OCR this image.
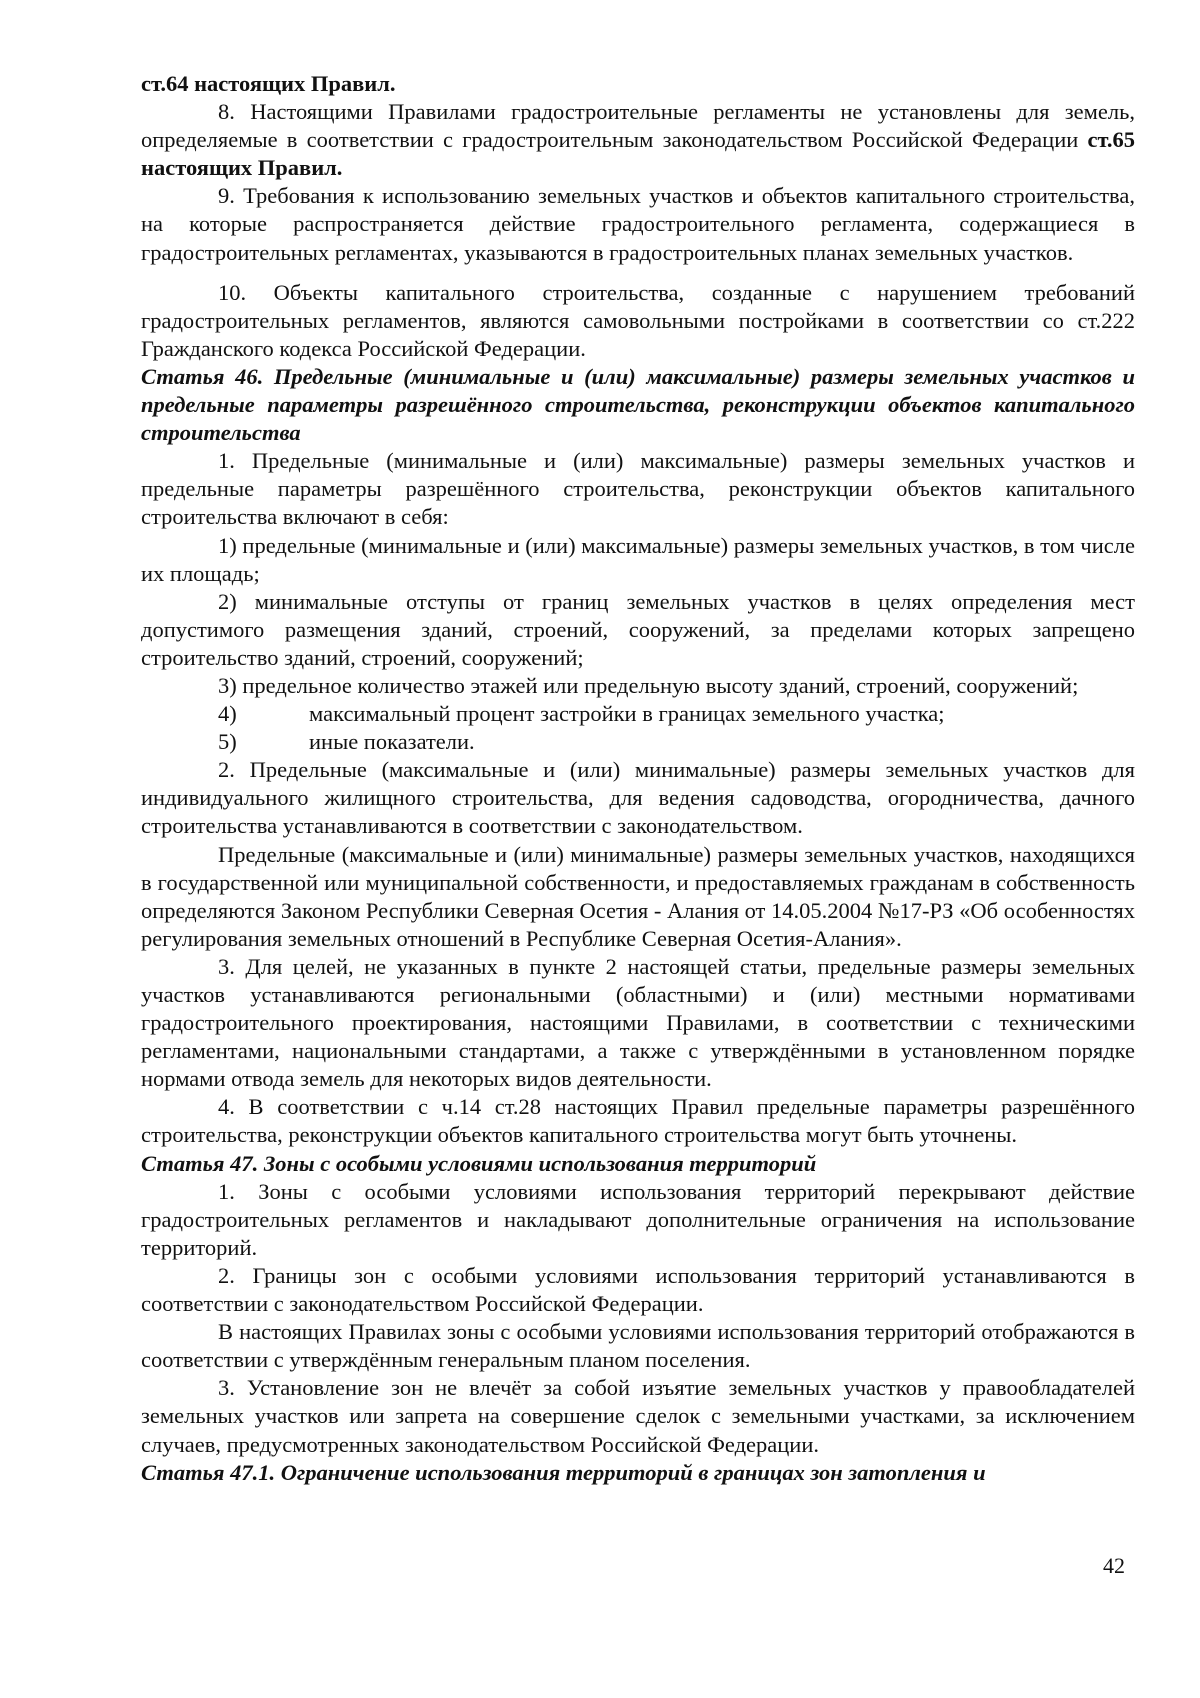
ст.64 настоящих Правил.

8. Настоящими Правилами градостроительные регламенты не установлены для земель, определяемые в соответствии с градостроительным законодательством Российской Федерации ст.65 настоящих Правил.

9. Требования к использованию земельных участков и объектов капитального строительства, на которые распространяется действие градостроительного регламента, содержащиеся в градостроительных регламентах, указываются в градостроительных планах земельных участков.

10. Объекты капитального строительства, созданные с нарушением требований градостроительных регламентов, являются самовольными постройками в соответствии со ст.222 Гражданского кодекса Российской Федерации.

Статья 46. Предельные (минимальные и (или) максимальные) размеры земельных участков и предельные параметры разрешённого строительства, реконструкции объектов капитального строительства

1. Предельные (минимальные и (или) максимальные) размеры земельных участков и предельные параметры разрешённого строительства, реконструкции объектов капитального строительства включают в себя:

1) предельные (минимальные и (или) максимальные) размеры земельных участков, в том числе их площадь;

2) минимальные отступы от границ земельных участков в целях определения мест допустимого размещения зданий, строений, сооружений, за пределами которых запрещено строительство зданий, строений, сооружений;

3) предельное количество этажей или предельную высоту зданий, строений, сооружений;

4)	максимальный процент застройки в границах земельного участка;

5)	иные показатели.

2. Предельные (максимальные и (или) минимальные) размеры земельных участков для индивидуального жилищного строительства, для ведения садоводства, огородничества, дачного строительства устанавливаются в соответствии с законодательством.

Предельные (максимальные и (или) минимальные) размеры земельных участков, находящихся в государственной или муниципальной собственности, и предоставляемых гражданам в собственность определяются Законом Республики Северная Осетия - Алания от 14.05.2004 №17-РЗ «Об особенностях регулирования земельных отношений в Республике Северная Осетия-Алания».

3. Для целей, не указанных в пункте 2 настоящей статьи, предельные размеры земельных участков устанавливаются региональными (областными) и (или) местными нормативами градостроительного проектирования, настоящими Правилами, в соответствии с техническими регламентами, национальными стандартами, а также с утверждёнными в установленном порядке нормами отвода земель для некоторых видов деятельности.

4. В соответствии с ч.14 ст.28 настоящих Правил предельные параметры разрешённого строительства, реконструкции объектов капитального строительства могут быть уточнены.

Статья 47. Зоны с особыми условиями использования территорий

1. Зоны с особыми условиями использования территорий перекрывают действие градостроительных регламентов и накладывают дополнительные ограничения на использование территорий.

2. Границы зон с особыми условиями использования территорий устанавливаются в соответствии с законодательством Российской Федерации.

В настоящих Правилах зоны с особыми условиями использования территорий отображаются в соответствии с утверждённым генеральным планом поселения.

3. Установление зон не влечёт за собой изъятие земельных участков у правообладателей земельных участков или запрета на совершение сделок с земельными участками, за исключением случаев, предусмотренных законодательством Российской Федерации.

Статья 47.1. Ограничение использования территорий в границах зон затопления и

42
